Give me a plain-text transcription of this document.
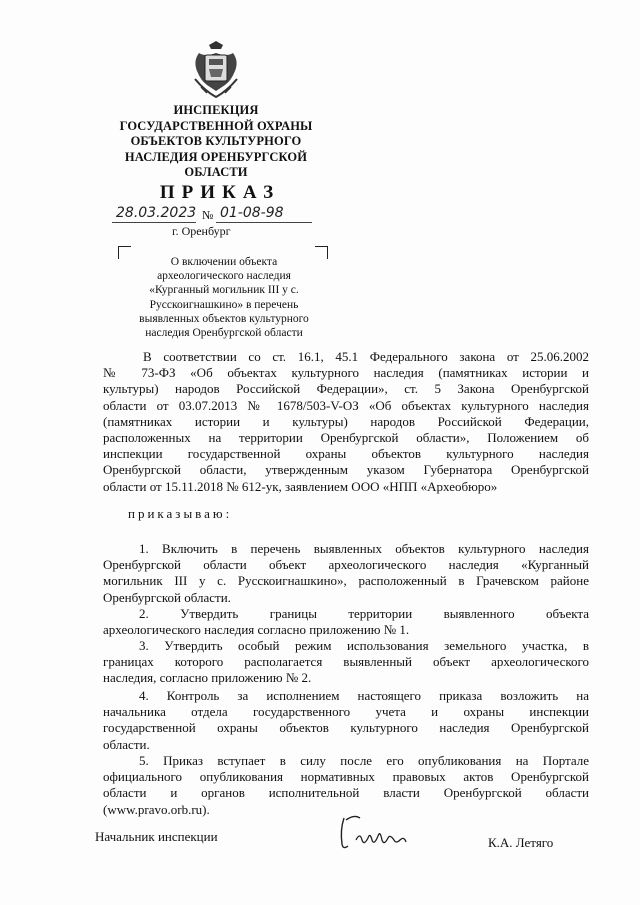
ИНСПЕКЦИЯ
ГОСУДАРСТВЕННОЙ ОХРАНЫ
ОБЪЕКТОВ КУЛЬТУРНОГО
НАСЛЕДИЯ ОРЕНБУРГСКОЙ
ОБЛАСТИ
ПРИКАЗ
28.03.2023 № 01-08-98
г. Оренбург
О включении объекта
археологического наследия
«Курганный могильник III у с.
Русскоигнашкино» в перечень
выявленных объектов культурного
наследия Оренбургской области
В соответствии со ст. 16.1, 45.1 Федерального закона от 25.06.2002
№ 73-ФЗ «Об объектах культурного наследия (памятниках истории и
культуры) народов Российской Федерации», ст. 5 Закона Оренбургской
области от 03.07.2013 № 1678/503-V-ОЗ «Об объектах культурного наследия
(памятниках истории и культуры) народов Российской Федерации,
расположенных на территории Оренбургской области», Положением об
инспекции государственной охраны объектов культурного наследия
Оренбургской области, утвержденным указом Губернатора Оренбургской
области от 15.11.2018 № 612-ук, заявлением ООО «НПП «Археобюро»
приказываю:
1. Включить в перечень выявленных объектов культурного наследия
Оренбургской области объект археологического наследия «Курганный
могильник III у с. Русскоигнашкино», расположенный в Грачевском районе
Оренбургской области.
2. Утвердить границы территории выявленного объекта
археологического наследия согласно приложению № 1.
3. Утвердить особый режим использования земельного участка, в
границах которого располагается выявленный объект археологического
наследия, согласно приложению № 2.
4. Контроль за исполнением настоящего приказа возложить на
начальника отдела государственного учета и охраны инспекции
государственной охраны объектов культурного наследия Оренбургской
области.
5. Приказ вступает в силу после его опубликования на Портале
официального опубликования нормативных правовых актов Оренбургской
области и органов исполнительной власти Оренбургской области
(www.pravo.orb.ru).
Начальник инспекции	К.А. Летяго
